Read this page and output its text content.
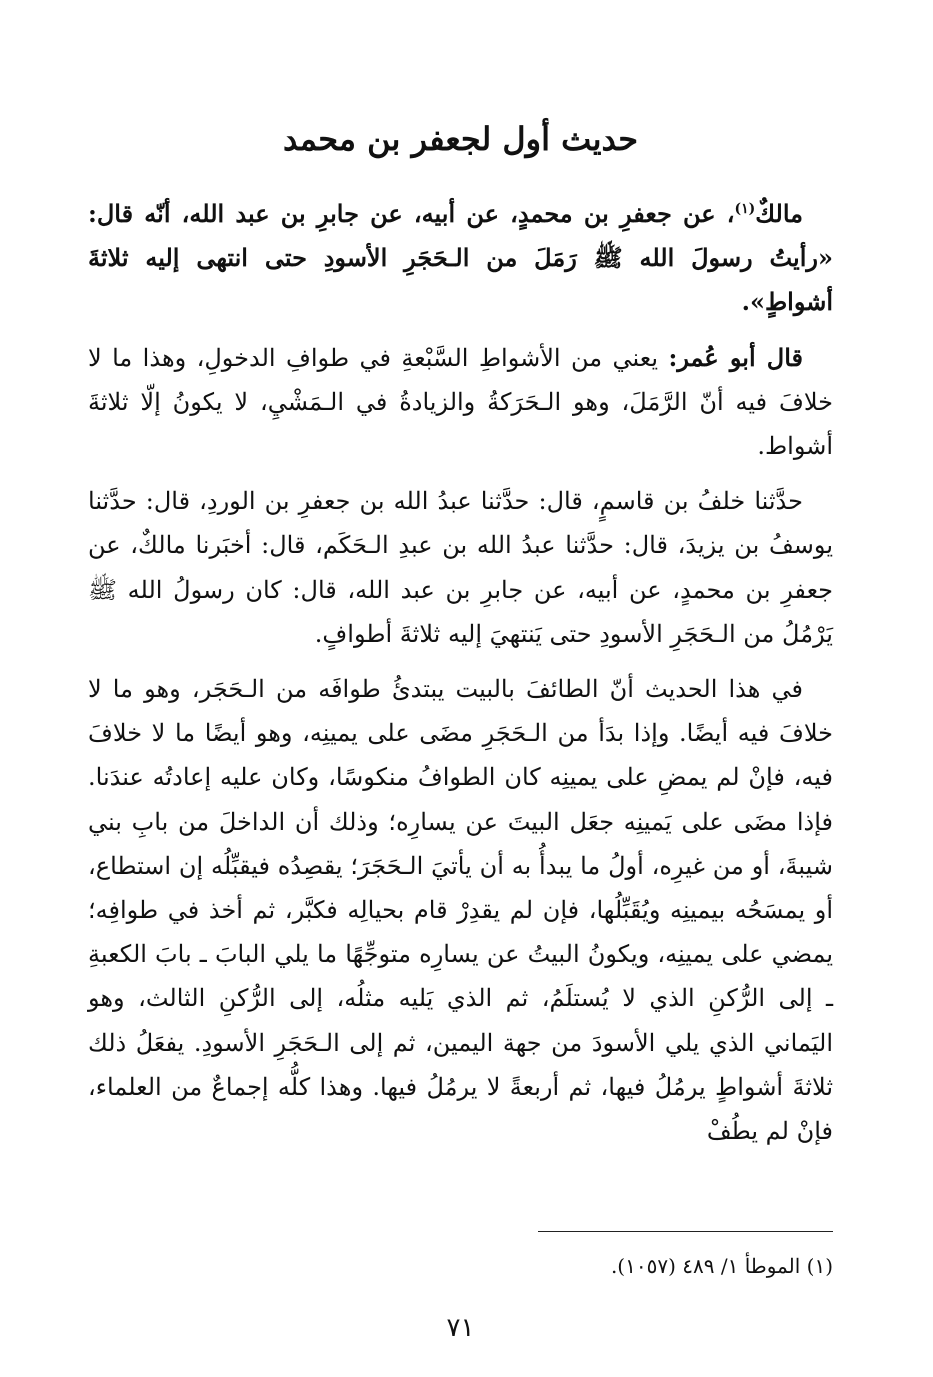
حديث أول لجعفر بن محمد

مالكٌ$^{(١)}$، عن جعفرِ بن محمدٍ، عن أبيه، عن جابرِ بن عبد الله، أنّه قال: «رأيتُ رسولَ الله ﷺ رَمَلَ من الـحَجَرِ الأسودِ حتى انتهى إليه ثلاثةَ أشواطٍ».

قال أبو عُمر: يعني من الأشواطِ السَّبْعةِ في طوافِ الدخولِ، وهذا ما لا خلافَ فيه أنّ الرَّمَلَ، وهو الـحَرَكةُ والزيادةُ في الـمَشْيِ، لا يكونُ إلّا ثلاثةَ أشواط.

حدَّثنا خلفُ بن قاسمٍ، قال: حدَّثنا عبدُ الله بن جعفرِ بن الوردِ، قال: حدَّثنا يوسفُ بن يزيدَ، قال: حدَّثنا عبدُ الله بن عبدِ الـحَكَم، قال: أخبَرنا مالكٌ، عن جعفرِ بن محمدٍ، عن أبيه، عن جابرِ بن عبد الله، قال: كان رسولُ الله ﷺ يَرْمُلُ من الـحَجَرِ الأسودِ حتى يَنتهيَ إليه ثلاثةَ أطوافٍ.

في هذا الحديث أنّ الطائفَ بالبيت يبتدئُ طوافَه من الـحَجَر، وهو ما لا خلافَ فيه أيضًا. وإذا بدَأ من الـحَجَرِ مضَى على يمينِه، وهو أيضًا ما لا خلافَ فيه، فإنْ لم يمضِ على يمينِه كان الطوافُ منكوسًا، وكان عليه إعادتُه عندَنا. فإذا مضَى على يَمينِه جعَل البيتَ عن يسارِه؛ وذلك أن الداخلَ من بابِ بني شيبةَ، أو من غيرِه، أولُ ما يبدأُ به أن يأتيَ الـحَجَرَ؛ يقصِدُه فيقبِّلُه إن استطاع، أو يمسَحُه بيمينِه ويُقَبِّلُها، فإن لم يقدِرْ قام بحيالِه فكبَّر، ثم أخذ في طوافِه؛ يمضي على يمينِه، ويكونُ البيتُ عن يسارِه متوجِّهًا ما يلي البابَ ـ بابَ الكعبةِ ـ إلى الرُّكنِ الذي لا يُستلَمُ، ثم الذي يَليه مثلُه، إلى الرُّكنِ الثالث، وهو اليَماني الذي يلي الأسودَ من جهة اليمين، ثم إلى الـحَجَرِ الأسودِ. يفعَلُ ذلك ثلاثةَ أشواطٍ يرمُلُ فيها، ثم أربعةً لا يرمُلُ فيها. وهذا كلُّه إجماعٌ من العلماء، فإنْ لم يطُفْ

(١) الموطأ ١/ ٤٨٩ (١٠٥٧).
٧١
